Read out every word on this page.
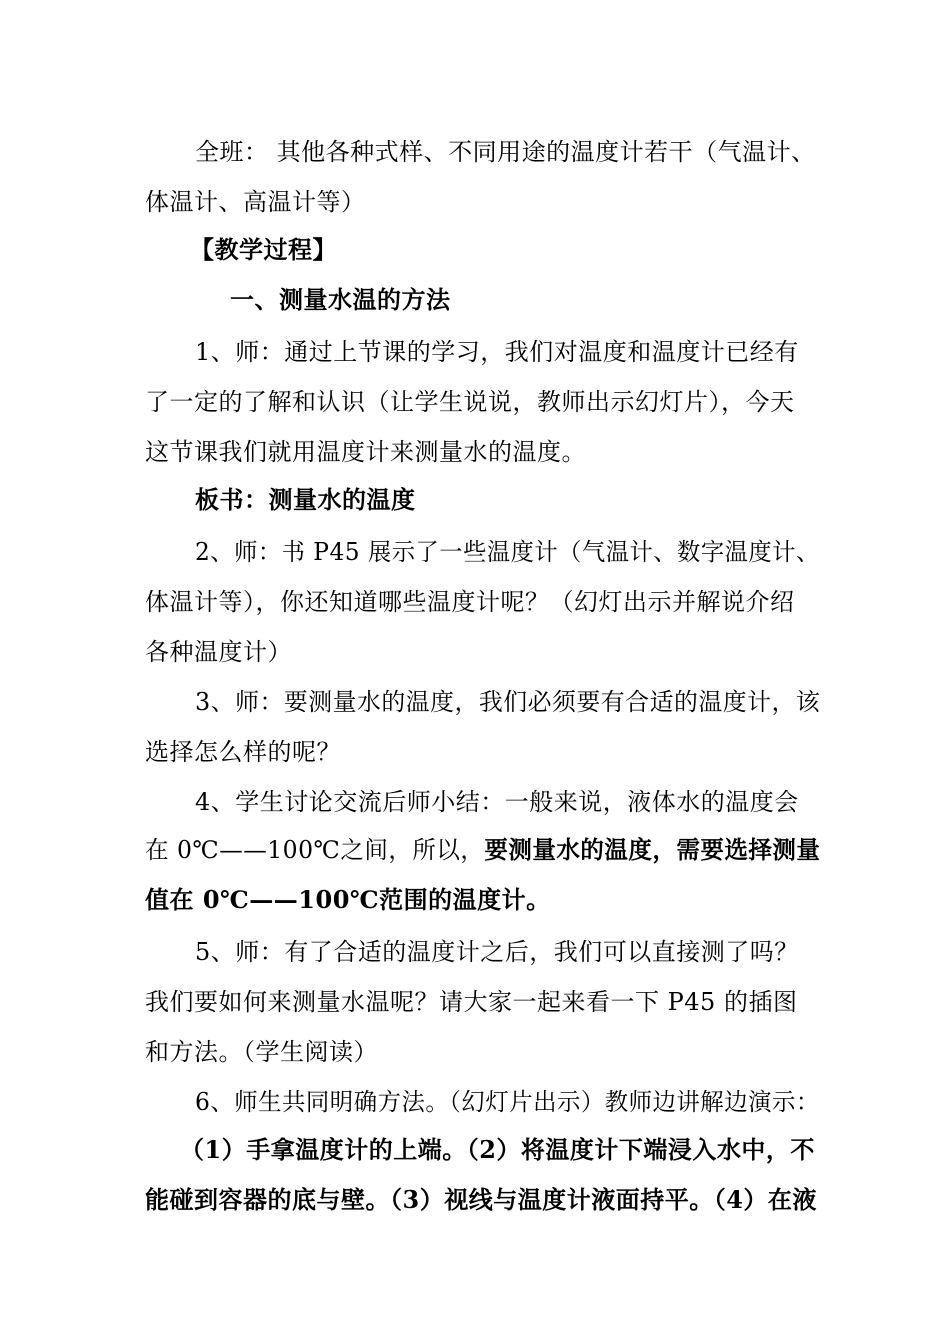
全班： 其他各种式样、不同用途的温度计若干（气温计、
体温计、高温计等）
【教学过程】
一、测量水温的方法
1、师：通过上节课的学习，我们对温度和温度计已经有
了一定的了解和认识（让学生说说，教师出示幻灯片），今天
这节课我们就用温度计来测量水的温度。
板书：测量水的温度
2、师：书 P45 展示了一些温度计（气温计、数字温度计、
体温计等），你还知道哪些温度计呢？（幻灯出示并解说介绍
各种温度计）
3、师：要测量水的温度，我们必须要有合适的温度计，该
选择怎么样的呢？
4、学生讨论交流后师小结：一般来说，液体水的温度会
在 0℃——100℃之间，所以，要测量水的温度，需要选择测量
值在 0℃——100℃范围的温度计。
5、师：有了合适的温度计之后，我们可以直接测了吗？
我们要如何来测量水温呢？请大家一起来看一下 P45 的插图
和方法。（学生阅读）
6、师生共同明确方法。（幻灯片出示）教师边讲解边演示：
（1）手拿温度计的上端。（2）将温度计下端浸入水中，不
能碰到容器的底与壁。（3）视线与温度计液面持平。（4）在液
